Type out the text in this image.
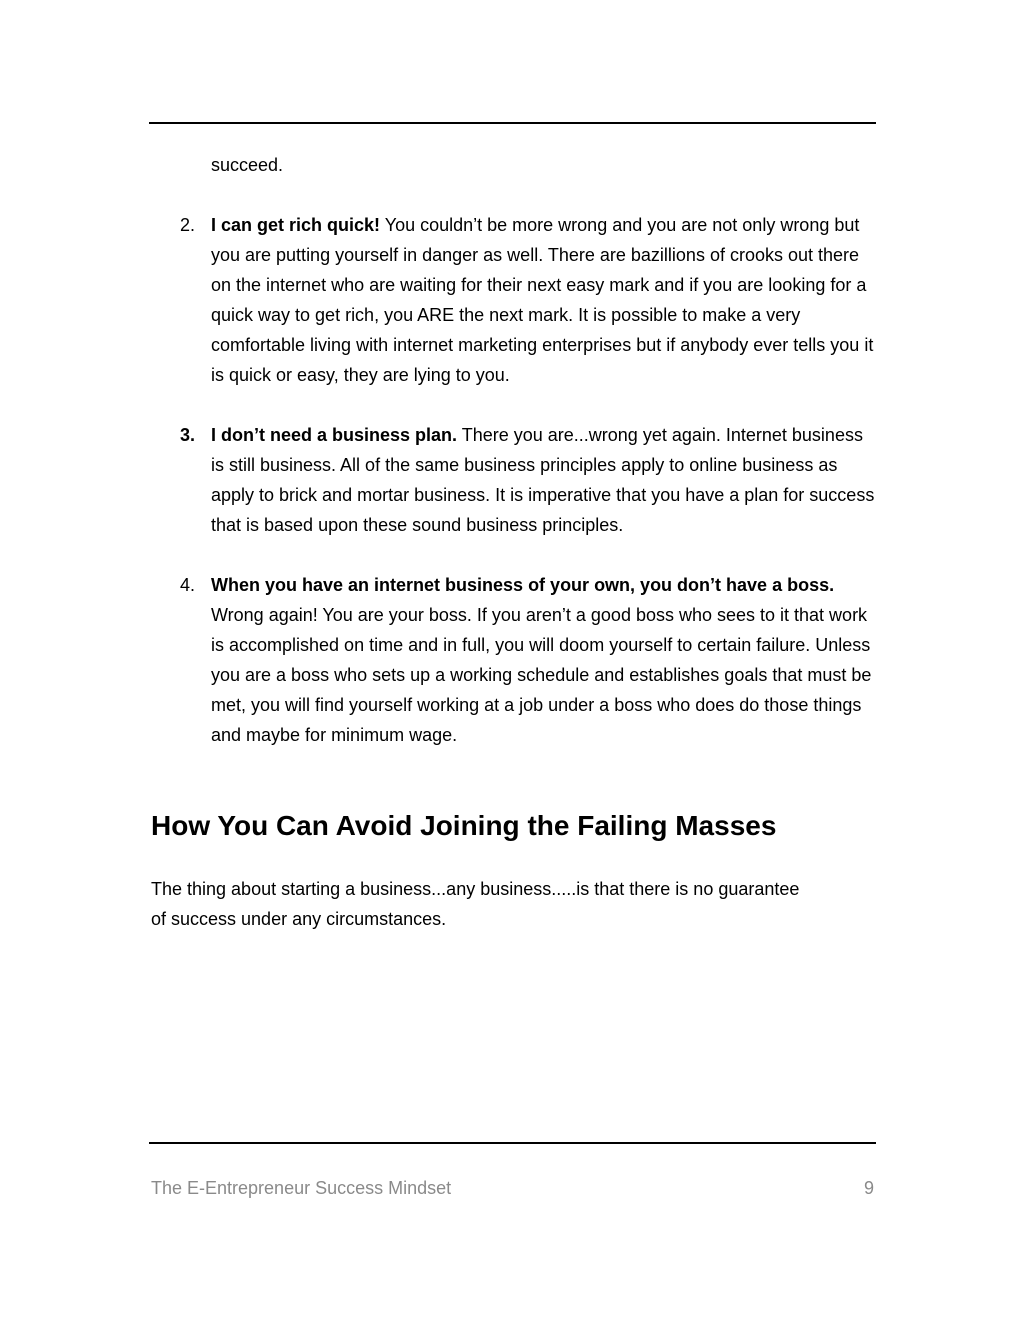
succeed.

2. I can get rich quick! You couldn’t be more wrong and you are not only wrong but you are putting yourself in danger as well. There are bazillions of crooks out there on the internet who are waiting for their next easy mark and if you are looking for a quick way to get rich, you ARE the next mark. It is possible to make a very comfortable living with internet marketing enterprises but if anybody ever tells you it is quick or easy, they are lying to you.

3. I don’t need a business plan. There you are...wrong yet again. Internet business is still business. All of the same business principles apply to online business as apply to brick and mortar business. It is imperative that you have a plan for success that is based upon these sound business principles.

4. When you have an internet business of your own, you don’t have a boss. Wrong again! You are your boss. If you aren’t a good boss who sees to it that work is accomplished on time and in full, you will doom yourself to certain failure. Unless you are a boss who sets up a working schedule and establishes goals that must be met, you will find yourself working at a job under a boss who does do those things and maybe for minimum wage.

How You Can Avoid Joining the Failing Masses

The thing about starting a business...any business.....is that there is no guarantee of success under any circumstances.

The E-Entrepreneur Success Mindset	9
